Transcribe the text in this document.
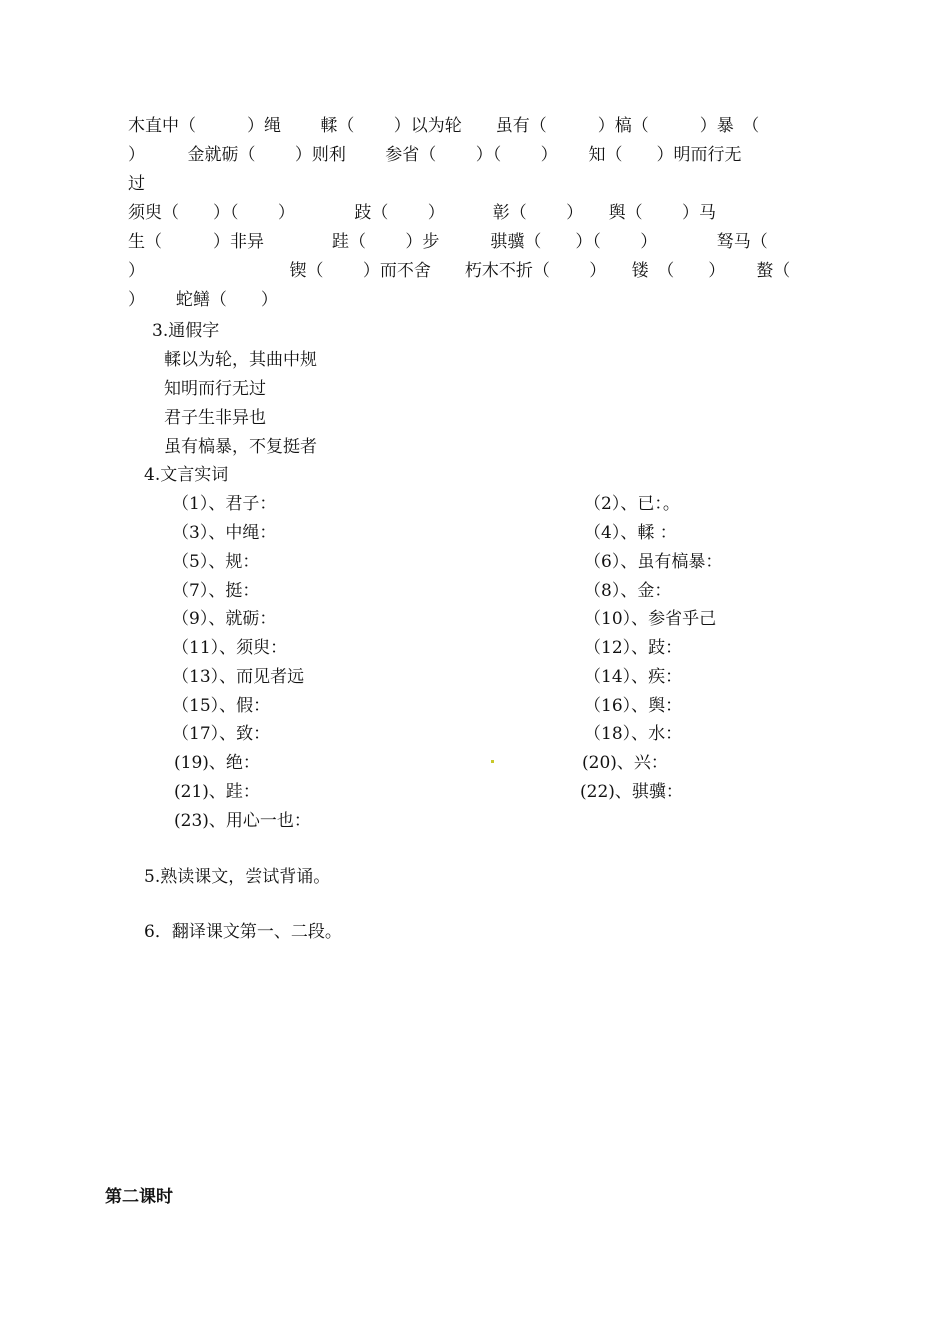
木直中（　　　）绳　　 輮（　　 ）以为轮　　虽有（　　　）槁（　　　）暴　（
）　　　金就砺（　　 ）则利　　 参省（　　 ）（　　 ）　　 知（　　）明而行无
过
须臾（　　）（　　 ）　　　　跂（　　 ）　　　 彰（　　 ）　　舆（　　 ）马
生（　　　）非异　　　　跬（　　 ）步　　　骐骥（　　）（　　 ）　　　　驽马（
）　　　　　　　　　锲（　　 ）而不舍　　朽木不折（　　 ）　　镂　（　　）　　 螯（
）　　 蛇鳝（　　）
3.通假字
輮以为轮，其曲中规
知明而行无过
君子生非异也
虽有槁暴，不复挺者
4.文言实词
（1）、君子：
（3）、中绳：
（5）、规：
（7）、挺：
（9）、就砺：
（11）、须臾：
（13）、而见者远
（15）、假：
（17）、致：
(19)、绝：
(21)、跬：
(23)、用心一也：
（2）、已：。
（4）、輮 ：
（6）、虽有槁暴：
（8）、金：
（10）、参省乎己
（12）、跂：
（14）、疾：
（16）、舆：
（18）、水：
(20)、兴：
(22)、骐骥：
5.熟读课文，尝试背诵。
6．翻译课文第一、二段。
第二课时
